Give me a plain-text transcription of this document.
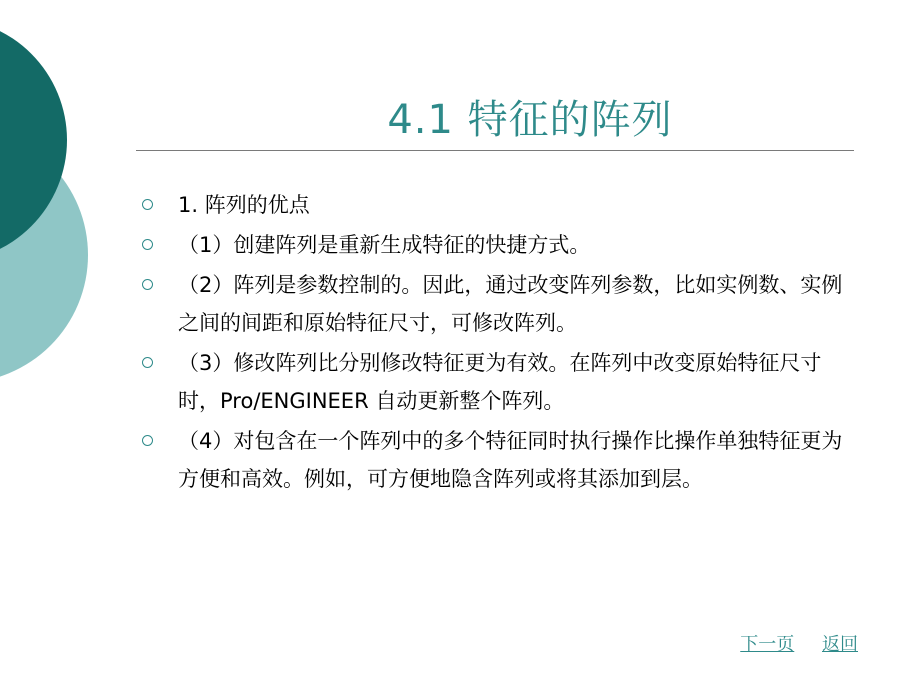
4.1 特征的阵列
1. 阵列的优点
（1）创建阵列是重新生成特征的快捷方式。
（2）阵列是参数控制的。因此，通过改变阵列参数，比如实例数、实例之间的间距和原始特征尺寸，可修改阵列。
（3）修改阵列比分别修改特征更为有效。在阵列中改变原始特征尺寸时，Pro/ENGINEER 自动更新整个阵列。
（4）对包含在一个阵列中的多个特征同时执行操作比操作单独特征更为方便和高效。例如，可方便地隐含阵列或将其添加到层。
下一页 返回
